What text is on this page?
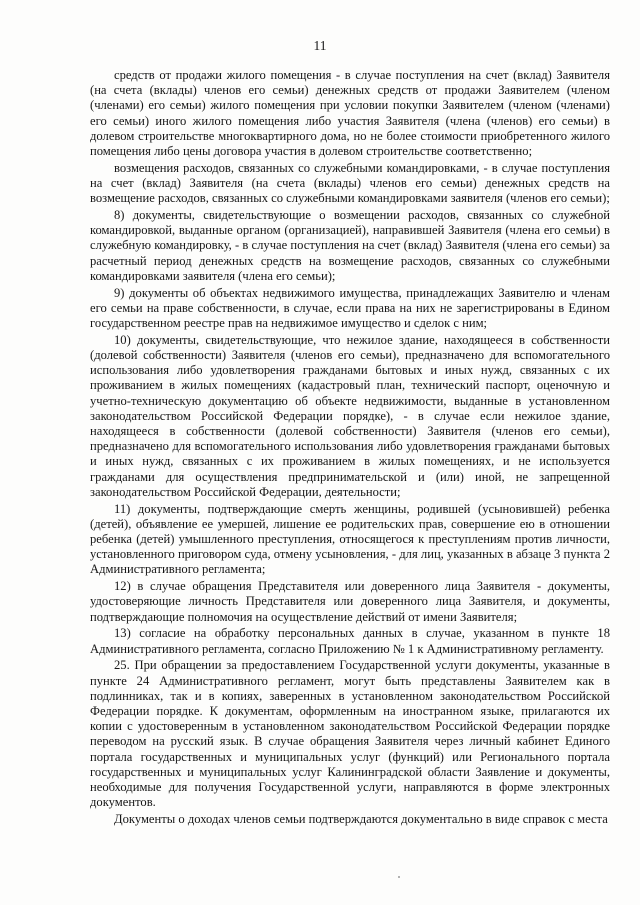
11

средств от продажи жилого помещения - в случае поступления на счет (вклад) Заявителя (на счета (вклады) членов его семьи) денежных средств от продажи Заявителем (членом (членами) его семьи) жилого помещения при условии покупки Заявителем (членом (членами) его семьи) иного жилого помещения либо участия Заявителя (члена (членов) его семьи) в долевом строительстве многоквартирного дома, но не более стоимости приобретенного жилого помещения либо цены договора участия в долевом строительстве соответственно;

возмещения расходов, связанных со служебными командировками, - в случае поступления на счет (вклад) Заявителя (на счета (вклады) членов его семьи) денежных средств на возмещение расходов, связанных со служебными командировками заявителя (членов его семьи);

8) документы, свидетельствующие о возмещении расходов, связанных со служебной командировкой, выданные органом (организацией), направившей Заявителя (члена его семьи) в служебную командировку, - в случае поступления на счет (вклад) Заявителя (члена его семьи) за расчетный период денежных средств на возмещение расходов, связанных со служебными командировками заявителя (члена его семьи);

9) документы об объектах недвижимого имущества, принадлежащих Заявителю и членам его семьи на праве собственности, в случае, если права на них не зарегистрированы в Едином государственном реестре прав на недвижимое имущество и сделок с ним;

10) документы, свидетельствующие, что нежилое здание, находящееся в собственности (долевой собственности) Заявителя (членов его семьи), предназначено для вспомогательного использования либо удовлетворения гражданами бытовых и иных нужд, связанных с их проживанием в жилых помещениях (кадастровый план, технический паспорт, оценочную и учетно-техническую документацию об объекте недвижимости, выданные в установленном законодательством Российской Федерации порядке), - в случае если нежилое здание, находящееся в собственности (долевой собственности) Заявителя (членов его семьи), предназначено для вспомогательного использования либо удовлетворения гражданами бытовых и иных нужд, связанных с их проживанием в жилых помещениях, и не используется гражданами для осуществления предпринимательской и (или) иной, не запрещенной законодательством Российской Федерации, деятельности;

11) документы, подтверждающие смерть женщины, родившей (усыновившей) ребенка (детей), объявление ее умершей, лишение ее родительских прав, совершение ею в отношении ребенка (детей) умышленного преступления, относящегося к преступлениям против личности, установленного приговором суда, отмену усыновления, - для лиц, указанных в абзаце 3 пункта 2 Административного регламента;

12) в случае обращения Представителя или доверенного лица Заявителя - документы, удостоверяющие личность Представителя или доверенного лица Заявителя, и документы, подтверждающие полномочия на осуществление действий от имени Заявителя;

13) согласие на обработку персональных данных в случае, указанном в пункте 18 Административного регламента, согласно Приложению № 1 к Административному регламенту.

25. При обращении за предоставлением Государственной услуги документы, указанные в пункте 24 Административного регламент, могут быть представлены Заявителем как в подлинниках, так и в копиях, заверенных в установленном законодательством Российской Федерации порядке. К документам, оформленным на иностранном языке, прилагаются их копии с удостоверенным в установленном законодательством Российской Федерации порядке переводом на русский язык. В случае обращения Заявителя через личный кабинет Единого портала государственных и муниципальных услуг (функций) или Регионального портала государственных и муниципальных услуг Калининградской области Заявление и документы, необходимые для получения Государственной услуги, направляются в форме электронных документов.

Документы о доходах членов семьи подтверждаются документально в виде справок с места
